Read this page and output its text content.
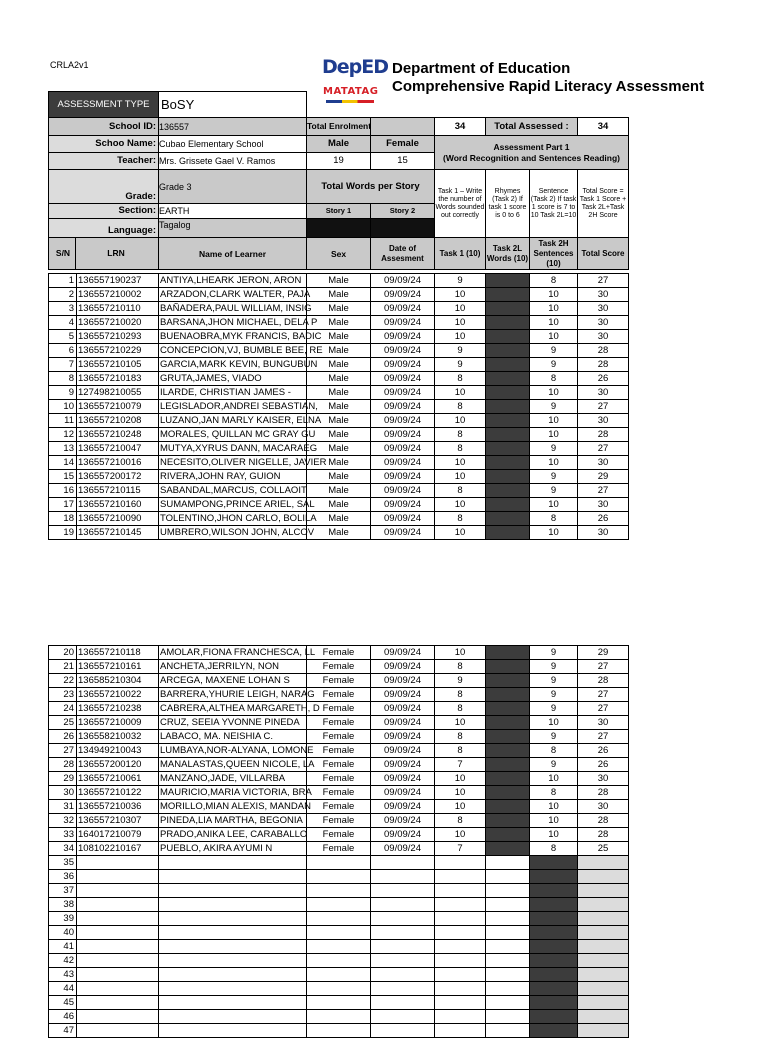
CRLA2v1	DepED
MATATAG
Department of Education
Comprehensive Rapid Literacy Assessment
ASSESSMENT TYPE	BoSY						
School ID:	136557	Total Enrolment		34	Total Assessed :		34
Schoo Name:	Cubao Elementary School	Male	Female	Assessment Part 1
(Word Recognition and Sentences Reading)			

Teacher:	Mrs. Grissete Gael V. Ramos	19	15				
Grade:	Grade 3	Total Words per Story		Task 1 – Write the number of Words sounded out correctly	Rhymes (Task 2) If task 1 score is 0 to 6	Sentence (Task 2) If task 1 score is 7 to 10 Task 2L=10	Total Score = Task 1 Score + Task 2L+Task 2H Score
Section:	EARTH	Story 1	Story 2				
Language:	Tagalog						
S/N LRN	Name of Learner	Sex	Date of Assesment	Task 1 (10)	Task 2L Words (10)	Task 2H Sentences (10)	Total Score
1	136557190237	ANTIYA,LHEARK JERON, ARON	Male	09/09/24	9		8	27
2	136557210002	ARZADON,CLARK WALTER, PAJA	Male	09/09/24	10		10	30
3	136557210110	BAÑADERA,PAUL WILLIAM, INSIG	Male	09/09/24	10		10	30
4	136557210020	BARSANA,JHON MICHAEL, DELA P	Male	09/09/24	10		10	30
5	136557210293	BUENAOBRA,MYK FRANCIS, BADIC	Male	09/09/24	10		10	30
6	136557210229	CONCEPCION,VJ, BUMBLE BEE, RE	Male	09/09/24	9		9	28
7	136557210105	GARCIA,MARK KEVIN, BUNGUBUN	Male	09/09/24	9		9	28
8	136557210183	GRUTA,JAMES, VIADO	Male	09/09/24	8		8	26
9	127498210055	ILARDE, CHRISTIAN JAMES -	Male	09/09/24	10		10	30
10	136557210079	LEGISLADOR,ANDREI SEBASTIAN,	Male	09/09/24	8		9	27
11	136557210208	LUZANO,JAN MARLY KAISER, ELNA	Male	09/09/24	10		10	30
12	136557210248	MORALES, QUILLAN MC GRAY GU	Male	09/09/24	8		10	28
13	136557210047	MUTYA,XYRUS DANN, MACARAEG	Male	09/09/24	8		9	27
14	136557210016	NECESITO,OLIVER NIGELLE, JAVIER	Male	09/09/24	10		10	30
15	136557200172	RIVERA,JOHN RAY, GUION	Male	09/09/24	10		9	29
16	136557210115	SABANDAL,MARCUS, COLLAOIT	Male	09/09/24	8		9	27
17	136557210160	SUMAMPONG,PRINCE ARIEL, SAL	Male	09/09/24	10		10	30
18	136557210090	TOLENTINO,JHON CARLO, BOLILA	Male	09/09/24	8		8	26
19	136557210145	UMBRERO,WILSON JOHN, ALCOV	Male	09/09/24	10		10	30
20	136557210118	AMOLAR,FIONA FRANCHESCA, LL	Female	09/09/24	10		9	29
21	136557210161	ANCHETA,JERRILYN, NON	Female	09/09/24	8		9	27
22	136585210304	ARCEGA, MAXENE LOHAN S	Female	09/09/24	9		9	28
23	136557210022	BARRERA,YHURIE LEIGH, NARAG	Female	09/09/24	8		9	27
24	136557210238	CABRERA,ALTHEA MARGARETH, D	Female	09/09/24	8		9	27
25	136557210009	CRUZ, SEEIA YVONNE PINEDA	Female	09/09/24	10		10	30
26	136558210032	LABACO, MA. NEISHIA C.	Female	09/09/24	8		9	27
27	134949210043	LUMBAYA,NOR-ALYANA, LOMONE	Female	09/09/24	8		8	26
28	136557200120	MANALASTAS,QUEEN NICOLE, LA	Female	09/09/24	7		9	26
29	136557210061	MANZANO,JADE, VILLARBA	Female	09/09/24	10		10	30
30	136557210122	MAURICIO,MARIA VICTORIA, BRA	Female	09/09/24	10		8	28
31	136557210036	MORILLO,MIAN ALEXIS, MANDAN	Female	09/09/24	10		10	30
32	136557210307	PINEDA,LIA MARTHA, BEGONIA	Female	09/09/24	8		10	28
33	164017210079	PRADO,ANIKA LEE, CARABALLO	Female	09/09/24	10		10	28
34	108102210167	PUEBLO, AKIRA AYUMI N	Female	09/09/24	7		8	25
35								
36								
37								
38								
39								
40								
41								
42								
43								
44								
45								
46								
47								
